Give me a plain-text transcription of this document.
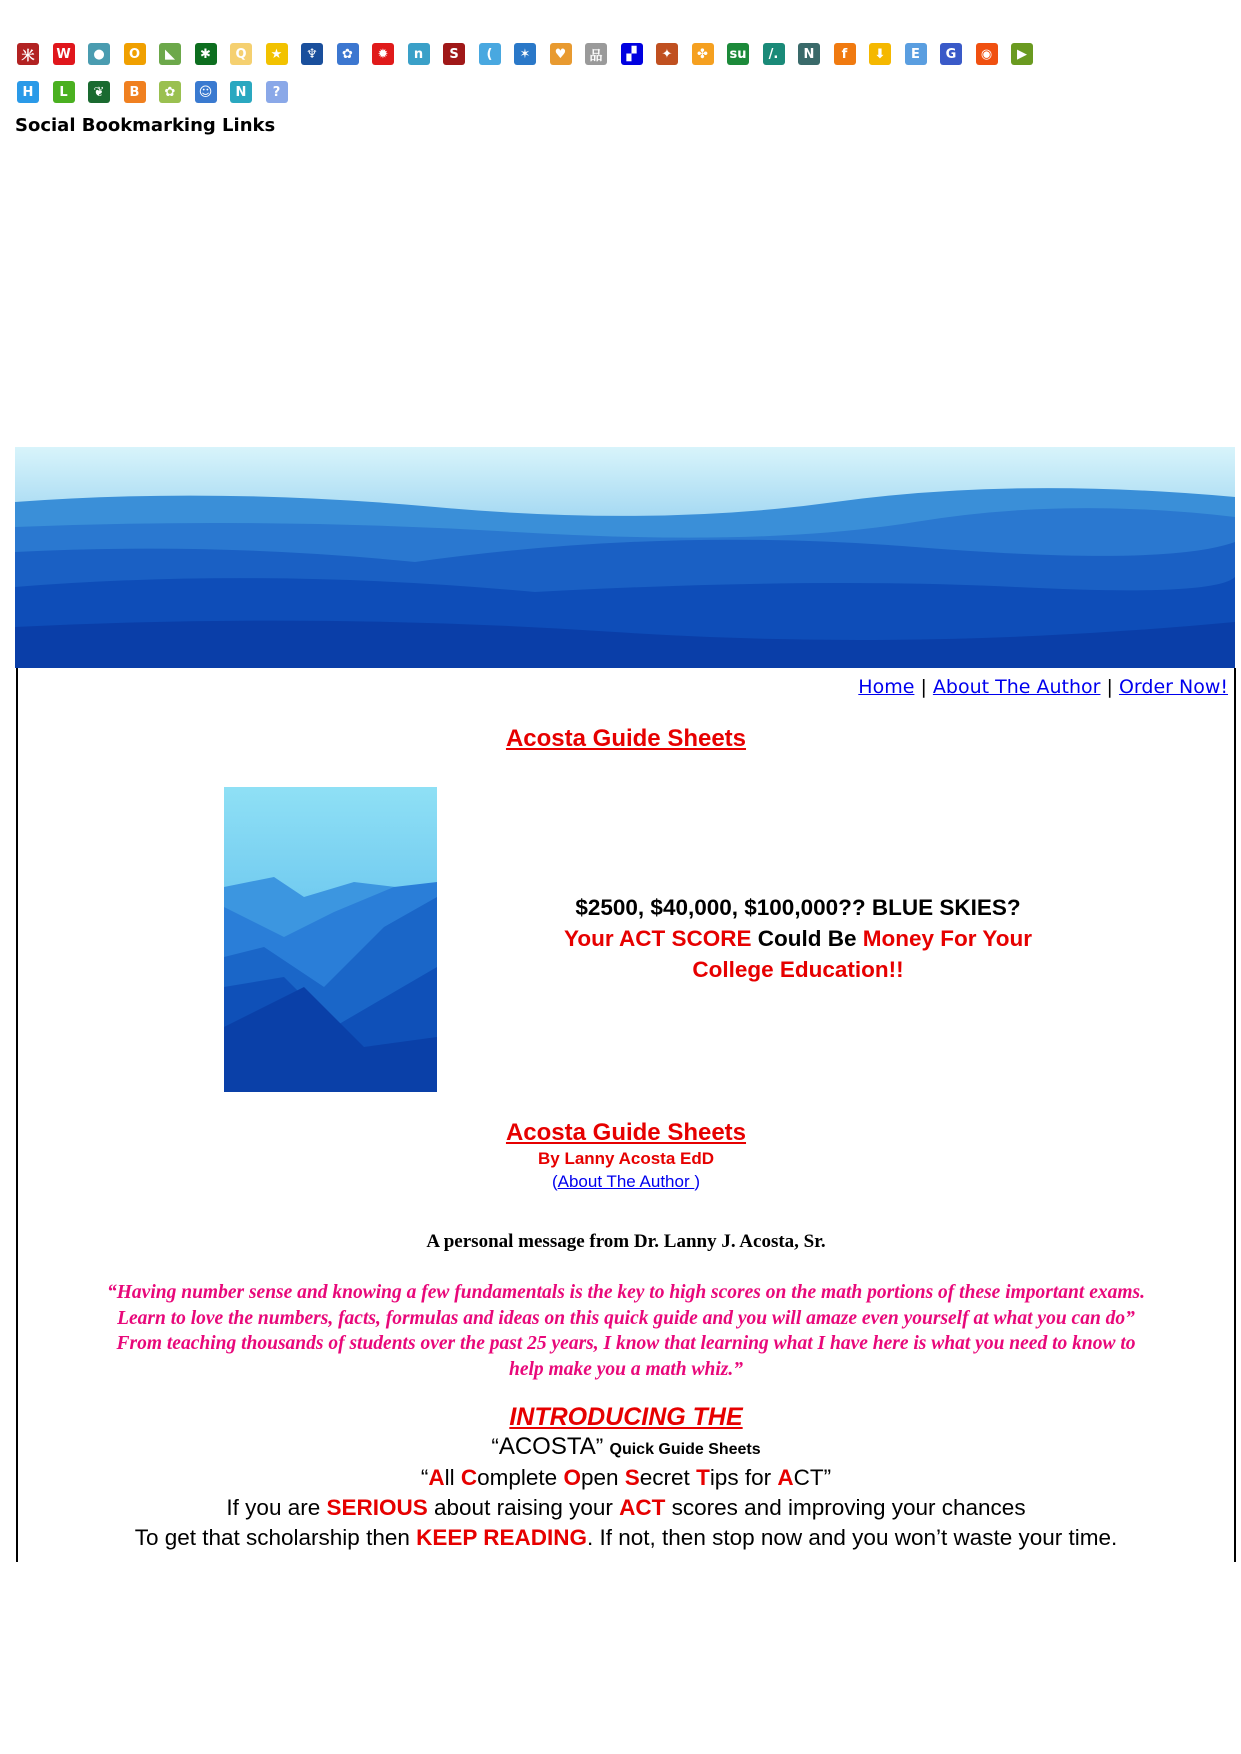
米	W	●	O	◣	✱	Q	★	♆	✿	✹	n	S	(	✶	♥	品	▞	✦	✤	su	/.	N	f	⬇	E	G	◉	▶
H	L	❦	B	✿	☺	N	?
Social Bookmarking Links
Home | About The Author | Order Now!
Acosta Guide Sheets
$2500, $40,000, $100,000?? BLUE SKIES?
Your ACT SCORE Could Be Money For Your
College Education!!
Acosta Guide Sheets
By Lanny Acosta EdD
(About The Author )
A personal message from Dr. Lanny J. Acosta, Sr.
“Having number sense and knowing a few fundamentals is the key to high scores on the math portions of these important exams. Learn to love the numbers, facts, formulas and ideas on this quick guide and you will amaze even yourself at what you can do” From teaching thousands of students over the past 25 years, I know that learning what I have here is what you need to know to help make you a math whiz.”
INTRODUCING THE
“ACOSTA” Quick Guide Sheets
“All Complete Open Secret Tips for ACT”
If you are SERIOUS about raising your ACT scores and improving your chances
To get that scholarship then KEEP READING. If not, then stop now and you won’t waste your time.
